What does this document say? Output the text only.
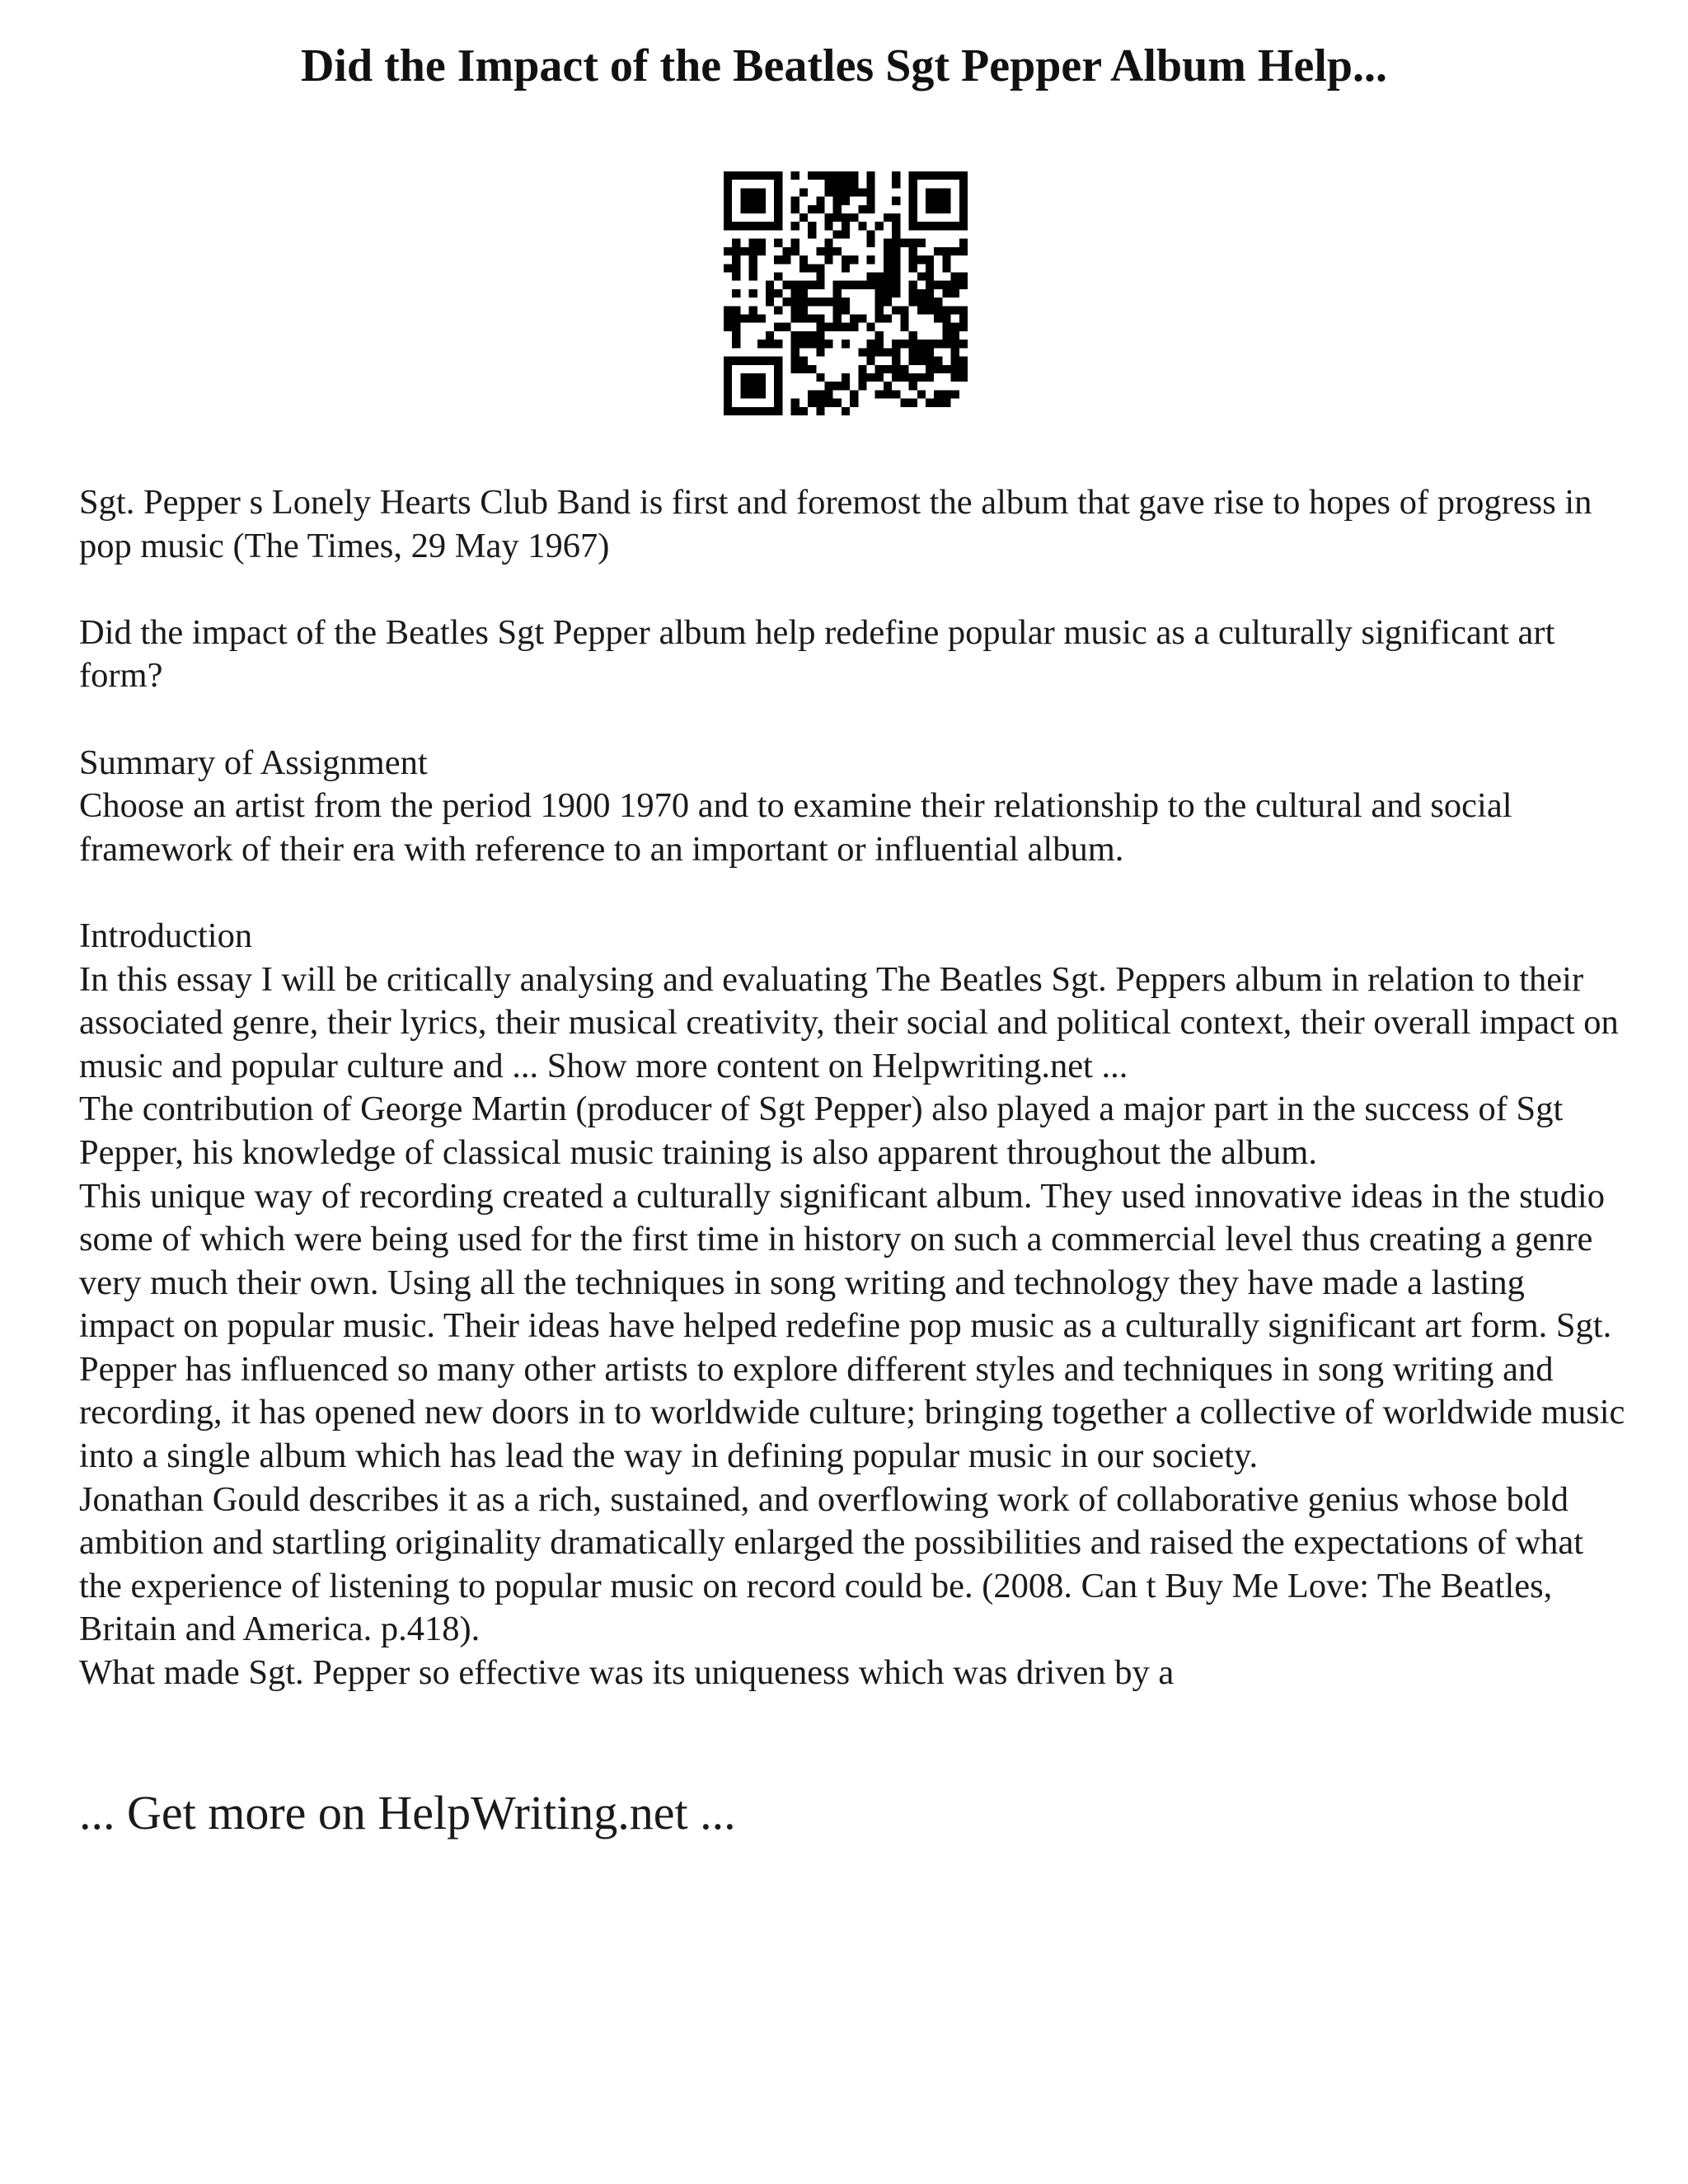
Did the Impact of the Beatles Sgt Pepper Album Help...

Sgt. Pepper s Lonely Hearts Club Band is first and foremost the album that gave rise to hopes of progress in pop music (The Times, 29 May 1967)

Did the impact of the Beatles Sgt Pepper album help redefine popular music as a culturally significant art form?

Summary of Assignment

Choose an artist from the period 1900 1970 and to examine their relationship to the cultural and social framework of their era with reference to an important or influential album.

Introduction

In this essay I will be critically analysing and evaluating The Beatles Sgt. Peppers album in relation to their associated genre, their lyrics, their musical creativity, their social and political context, their overall impact on music and popular culture and ... Show more content on Helpwriting.net ...

The contribution of George Martin (producer of Sgt Pepper) also played a major part in the success of Sgt Pepper, his knowledge of classical music training is also apparent throughout the album.

This unique way of recording created a culturally significant album. They used innovative ideas in the studio some of which were being used for the first time in history on such a commercial level thus creating a genre very much their own. Using all the techniques in song writing and technology they have made a lasting impact on popular music. Their ideas have helped redefine pop music as a culturally significant art form. Sgt. Pepper has influenced so many other artists to explore different styles and techniques in song writing and recording, it has opened new doors in to worldwide culture; bringing together a collective of worldwide music into a single album which has lead the way in defining popular music in our society.

Jonathan Gould describes it as a rich, sustained, and overflowing work of collaborative genius whose bold ambition and startling originality dramatically enlarged the possibilities and raised the expectations of what the experience of listening to popular music on record could be. (2008. Can t Buy Me Love: The Beatles, Britain and America. p.418).

What made Sgt. Pepper so effective was its uniqueness which was driven by a

... Get more on HelpWriting.net ...
